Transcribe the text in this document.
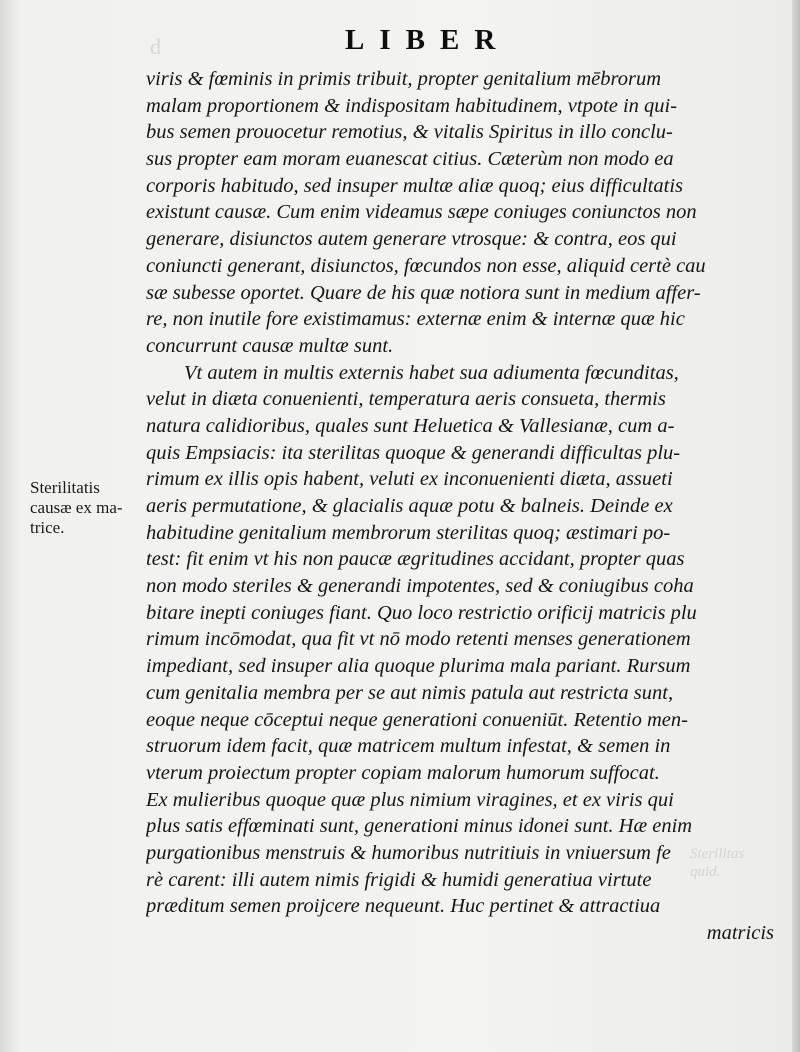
d
Sterilitas
quid.
LIBER
Sterilitatis
causæ ex ma-
trice.
viris & fœminis in primis tribuit, propter genitalium mēbrorum
malam proportionem & indispositam habitudinem, vtpote in qui-
bus semen prouocetur remotius, & vitalis Spiritus in illo conclu-
sus propter eam moram euanescat citius. Cæterùm non modo ea
corporis habitudo, sed insuper multæ aliæ quoq; eius difficultatis
existunt causæ. Cum enim videamus sæpe coniuges coniunctos non
generare, disiunctos autem generare vtrosque: & contra, eos qui
coniuncti generant, disiunctos, fœcundos non esse, aliquid certè cau
sæ subesse oportet. Quare de his quæ notiora sunt in medium affer-
re, non inutile fore existimamus: externæ enim & internæ quæ hic
concurrunt causæ multæ sunt.
Vt autem in multis externis habet sua adiumenta fœcunditas,
velut in diæta conuenienti, temperatura aeris consueta, thermis
natura calidioribus, quales sunt Heluetica & Vallesianæ, cum a-
quis Empsiacis: ita sterilitas quoque & generandi difficultas plu-
rimum ex illis opis habent, veluti ex inconuenienti diæta, assueti
aeris permutatione, & glacialis aquæ potu & balneis. Deinde ex
habitudine genitalium membrorum sterilitas quoq; æstimari po-
test: fit enim vt his non paucæ ægritudines accidant, propter quas
non modo steriles & generandi impotentes, sed & coniugibus coha
bitare inepti coniuges fiant. Quo loco restrictio orificij matricis plu
rimum incōmodat, qua fit vt nō modo retenti menses generationem
impediant, sed insuper alia quoque plurima mala pariant. Rursum
cum genitalia membra per se aut nimis patula aut restricta sunt,
eoque neque cōceptui neque generationi conueniūt. Retentio men-
struorum idem facit, quæ matricem multum infestat, & semen in
vterum proiectum propter copiam malorum humorum suffocat.
Ex mulieribus quoque quæ plus nimium viragines, et ex viris qui
plus satis effœminati sunt, generationi minus idonei sunt. Hæ enim
purgationibus menstruis & humoribus nutritiuis in vniuersum fe
rè carent: illi autem nimis frigidi & humidi generatiua virtute
præditum semen proijcere nequeunt. Huc pertinet & attractiua
matricis
